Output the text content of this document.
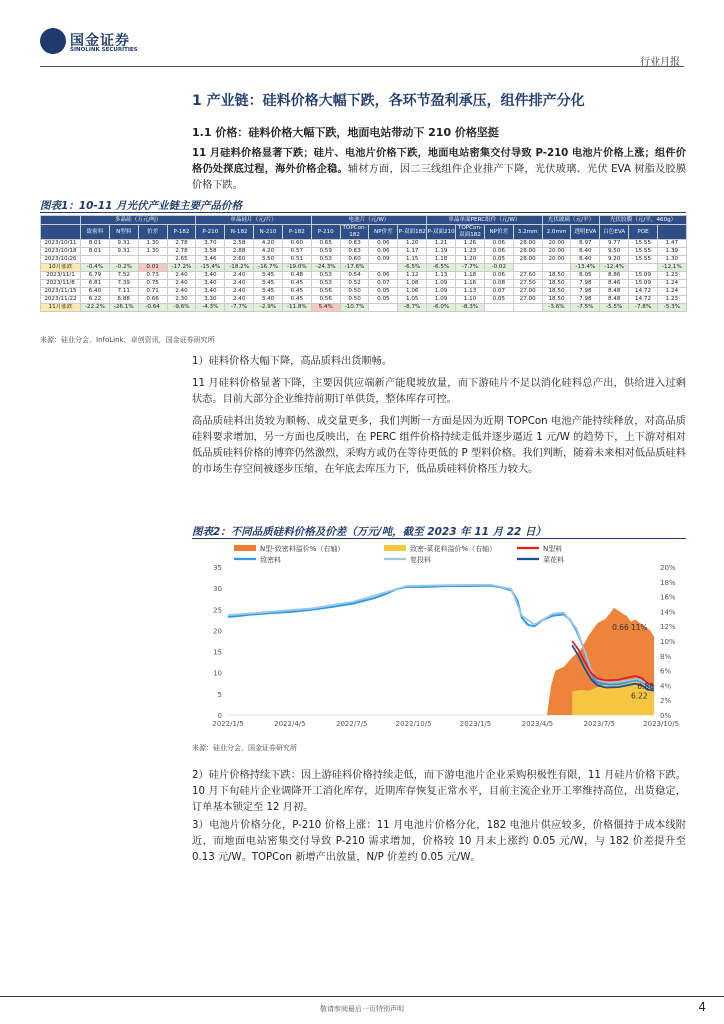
国金证券
SINOLINK SECURITIES
行业月报
1 产业链：硅料价格大幅下跌，各环节盈利承压，组件排产分化
1.1 价格：硅料价格大幅下跌，地面电站带动下 210 价格坚挺
11 月硅料价格显著下跌；硅片、电池片价格下跌，地面电站密集交付导致 P-210 电池片价格上涨；组件价格仍处探底过程，海外价格企稳。辅材方面，因二三线组件企业排产下降，光伏玻璃、光伏 EVA 树脂及胶膜价格下跌。
图表1：10-11 月光伏产业链主要产品价格
	多晶硅（万元/吨）				单晶硅片（元/片）				电池片（元/W）				单晶单面PERC组件（元/W）				光伏玻璃（元/平）		光伏胶膜（元/平，460g）	
	致密料	N型料	价差	P-182	P-210	N-182	N-210	P-182	P-210	TOPCon-182	NP价差	P-双面182	P-双面210	TOPCon-双面182	NP价差	3.2mm	2.0mm	透明EVA	白色EVA	POE		
2023/10/11	8.01	9.31	1.30	2.78	3.70	2.58	4.20	0.60	0.65	0.63	0.06	1.20	1.21	1.26	0.06	28.00	20.00	8.97	9.77	15.55	1.47	
2023/10/18	8.01	9.31	1.30	2.78	3.58	2.88	4.20	0.57	0.59	0.63	0.06	1.17	1.19	1.23	0.06	28.00	20.00	8.40	9.50	15.55	1.39	
2023/10/26				2.65	3.46	2.60	3.50	0.51	0.53	0.60	0.09	1.15	1.18	1.20	0.05	28.00	20.00	8.40	9.20	15.55	1.30	
10月涨跌	-0.4%	-0.2%	0.01	-17.2%	-15.4%	-18.2%	-16.7%	-19.0%	-24.3%	-17.6%		-6.5%	-6.5%	-7.7%	-0.02			-13.4%	-12.4%		-12.1%	
2023/11/1	6.79	7.52	0.73	2.40	3.40	2.40	3.45	0.48	0.53	0.54	0.06	1.12	1.13	1.18	0.06	27.60	18.50	8.05	8.86	15.09	1.23	
2023/11/8	6.81	7.39	0.75	2.40	3.40	2.40	3.45	0.45	0.53	0.52	0.07	1.08	1.09	1.16	0.08	27.50	18.50	7.98	8.46	15.09	1.24	
2023/11/15	6.40	7.11	0.71	2.40	3.40	2.40	3.45	0.45	0.56	0.50	0.05	1.06	1.09	1.13	0.07	27.00	18.50	7.98	8.48	14.72	1.24	
2023/11/22	6.22	6.88	0.66	2.30	3.30	2.40	3.40	0.45	0.56	0.50	0.05	1.05	1.09	1.10	0.05	27.00	18.50	7.98	8.48	14.72	1.23	
11月涨跌	-22.2%	-26.1%	-0.64	-9.6%	-4.3%	-7.7%	-2.9%	-11.8%	5.4%	-10.7%		-8.7%	-6.0%	-8.3%			-3.6%	-7.5%	-5.5%	-7.8%	-5.3%	
来源：硅业分会、InfoLink、卓创资讯，国金证券研究所
1）硅料价格大幅下降，高品质料出货顺畅。
11 月硅料价格显著下降，主要因供应端新产能爬坡放量，而下游硅片不足以消化硅料总产出，供给进入过剩状态。目前大部分企业维持前期订单供货，整体库存可控。
高品质硅料出货较为顺畅、成交量更多，我们判断一方面是因为近期 TOPCon 电池产能持续释放，对高品质硅料要求增加，另一方面也反映出，在 PERC 组件价格持续走低并逐步逼近 1 元/W 的趋势下，上下游对相对低品质硅料价格的博弈仍然激烈，采购方或仍在等待更低的 P 型料价格。我们判断，随着未来相对低品质硅料的市场生存空间被逐步压缩，在年底去库压力下，低品质硅料价格压力较大。
图表2：不同品质硅料价格及价差（万元/吨，截至 2023 年 11 月 22 日）
N型-致密料溢价%（右轴）	致密-菜花料溢价%（右轴）	N型料
致密料	复投料	菜花料
0
5
10
15
20
25
30
35
0%
2%
4%
6%
8%
10%
12%
14%
16%
18%
20%
2022/1/5	2022/4/5	2022/7/5	2022/10/5	2023/1/5	2023/4/5	2023/7/5	2023/10/5
0.66 11%
6.88
6.22
来源：硅业分会，国金证券研究所
2）硅片价格持续下跌：因上游硅料价格持续走低，而下游电池片企业采购积极性有限，11 月硅片价格下跌。10 月下旬硅片企业调降开工消化库存，近期库存恢复正常水平，目前主流企业开工率维持高位，出货稳定，订单基本锁定至 12 月初。
3）电池片价格分化，P-210 价格上涨：11 月电池片价格分化，182 电池片供应较多，价格僵持于成本线附近，而地面电站密集交付导致 P-210 需求增加，价格较 10 月末上涨约 0.05 元/W，与 182 价差提升至 0.13 元/W。TOPCon 新增产出放量，N/P 价差约 0.05 元/W。
敬请参阅最后一页特别声明	4
